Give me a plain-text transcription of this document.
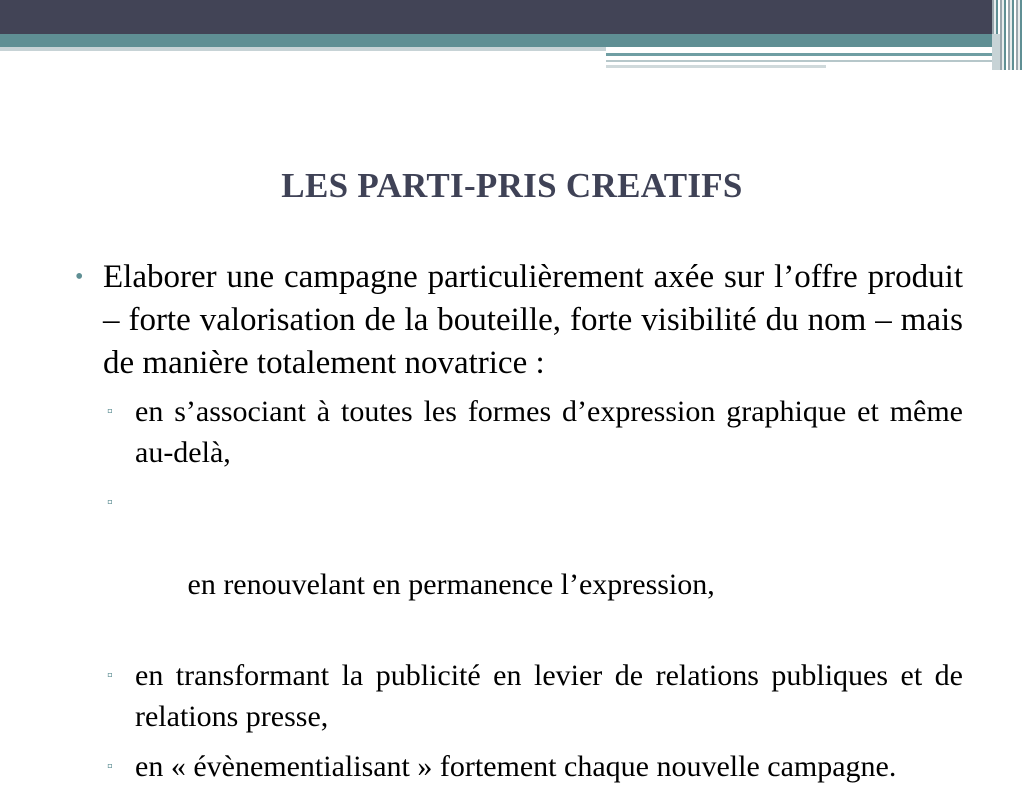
LES PARTI-PRIS CREATIFS

• Elaborer une campagne particulièrement axée sur l’offre produit – forte valorisation de la bouteille, forte visibilité du nom – mais de manière totalement novatrice :

▫ en s’associant à toutes les formes d’expression graphique et même au-delà,

▫

en renouvelant en permanence l’expression,

▫ en transformant la publicité en levier de relations publiques et de relations presse,

▫ en « évènementialisant » fortement chaque nouvelle campagne.
